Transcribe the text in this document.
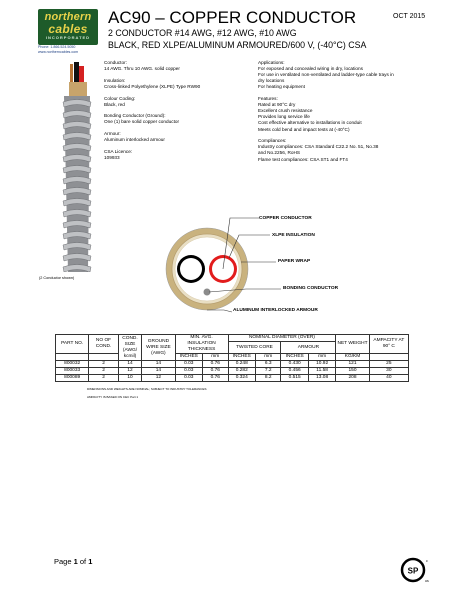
northern
cables
INCORPORATED
Phone: 1.866.524.5050
www.northerncables.com
AC90 – COPPER CONDUCTOR	OCT 2015
2 CONDUCTOR #14 AWG, #12 AWG, #10 AWG
BLACK, RED XLPE/ALUMINUM ARMOURED/600 V, (-40°C) CSA
(2 Conductor shown)

Conductor:
14 AWG. Thru 10 AWG. solid copper

Insulation:
Cross-linked Polyethylene (XLPE) Type RW90

Colour Coding:
Black, red

Bonding Conductor (Ground):
One (1) bare solid copper conductor

Armour:
Aluminum interlocked armour

CSA Licence:
109933

Applications:
For exposed and concealed wiring in dry, locations
For use in ventilated non-ventilated and ladder-type cable trays in
dry locations
For heating equipment

Features:
Rated at 90°C dry
Excellent crush resistance
Provides long service life
Cost effective alternative to installations in conduit
Meets cold bend and impact tests at (-40°C)

Compliances:
Industry compliances: CSA Standard C22.2 No. 51, No.38
and No.2256, RoHS
Flame test compliances: CSA ST1 and FT4

COPPER CONDUCTOR
XLPE INSULATION
PAPER WRAP
BONDING CONDUCTOR
ALUMINUM INTERLOCKED ARMOUR
PART NO.	NO OF COND.	COND. SIZE (AWG/ kcmil)	GROUND WIRE SIZE (AWG)	MIN. AVG. INSULATION THICKNESS		NOMINAL DIAMETER (OVER)				NET WEIGHT	AMPACITY AT 90° C
						TWISTED CORE		ARMOUR			

				INCHES	mm	INCHES	mm	INCHES	mm	KG/KM	
800032	2	14	14	0.03	0.76	0.248	6.3	0.430	10.92	121	25
800033	2	12	14	0.03	0.76	0.282	7.2	0.456	11.58	150	30
800089	2	10	12	0.03	0.76	0.324	8.2	0.515	13.08	208	40
DIMENSIONS AND WEIGHTS ARE NOMINAL; SUBJECT TO INDUSTRY TOLERANCES
AMPACITY IS BASED ON CEC Part 1
Page 1 of 1
SP
c
us
